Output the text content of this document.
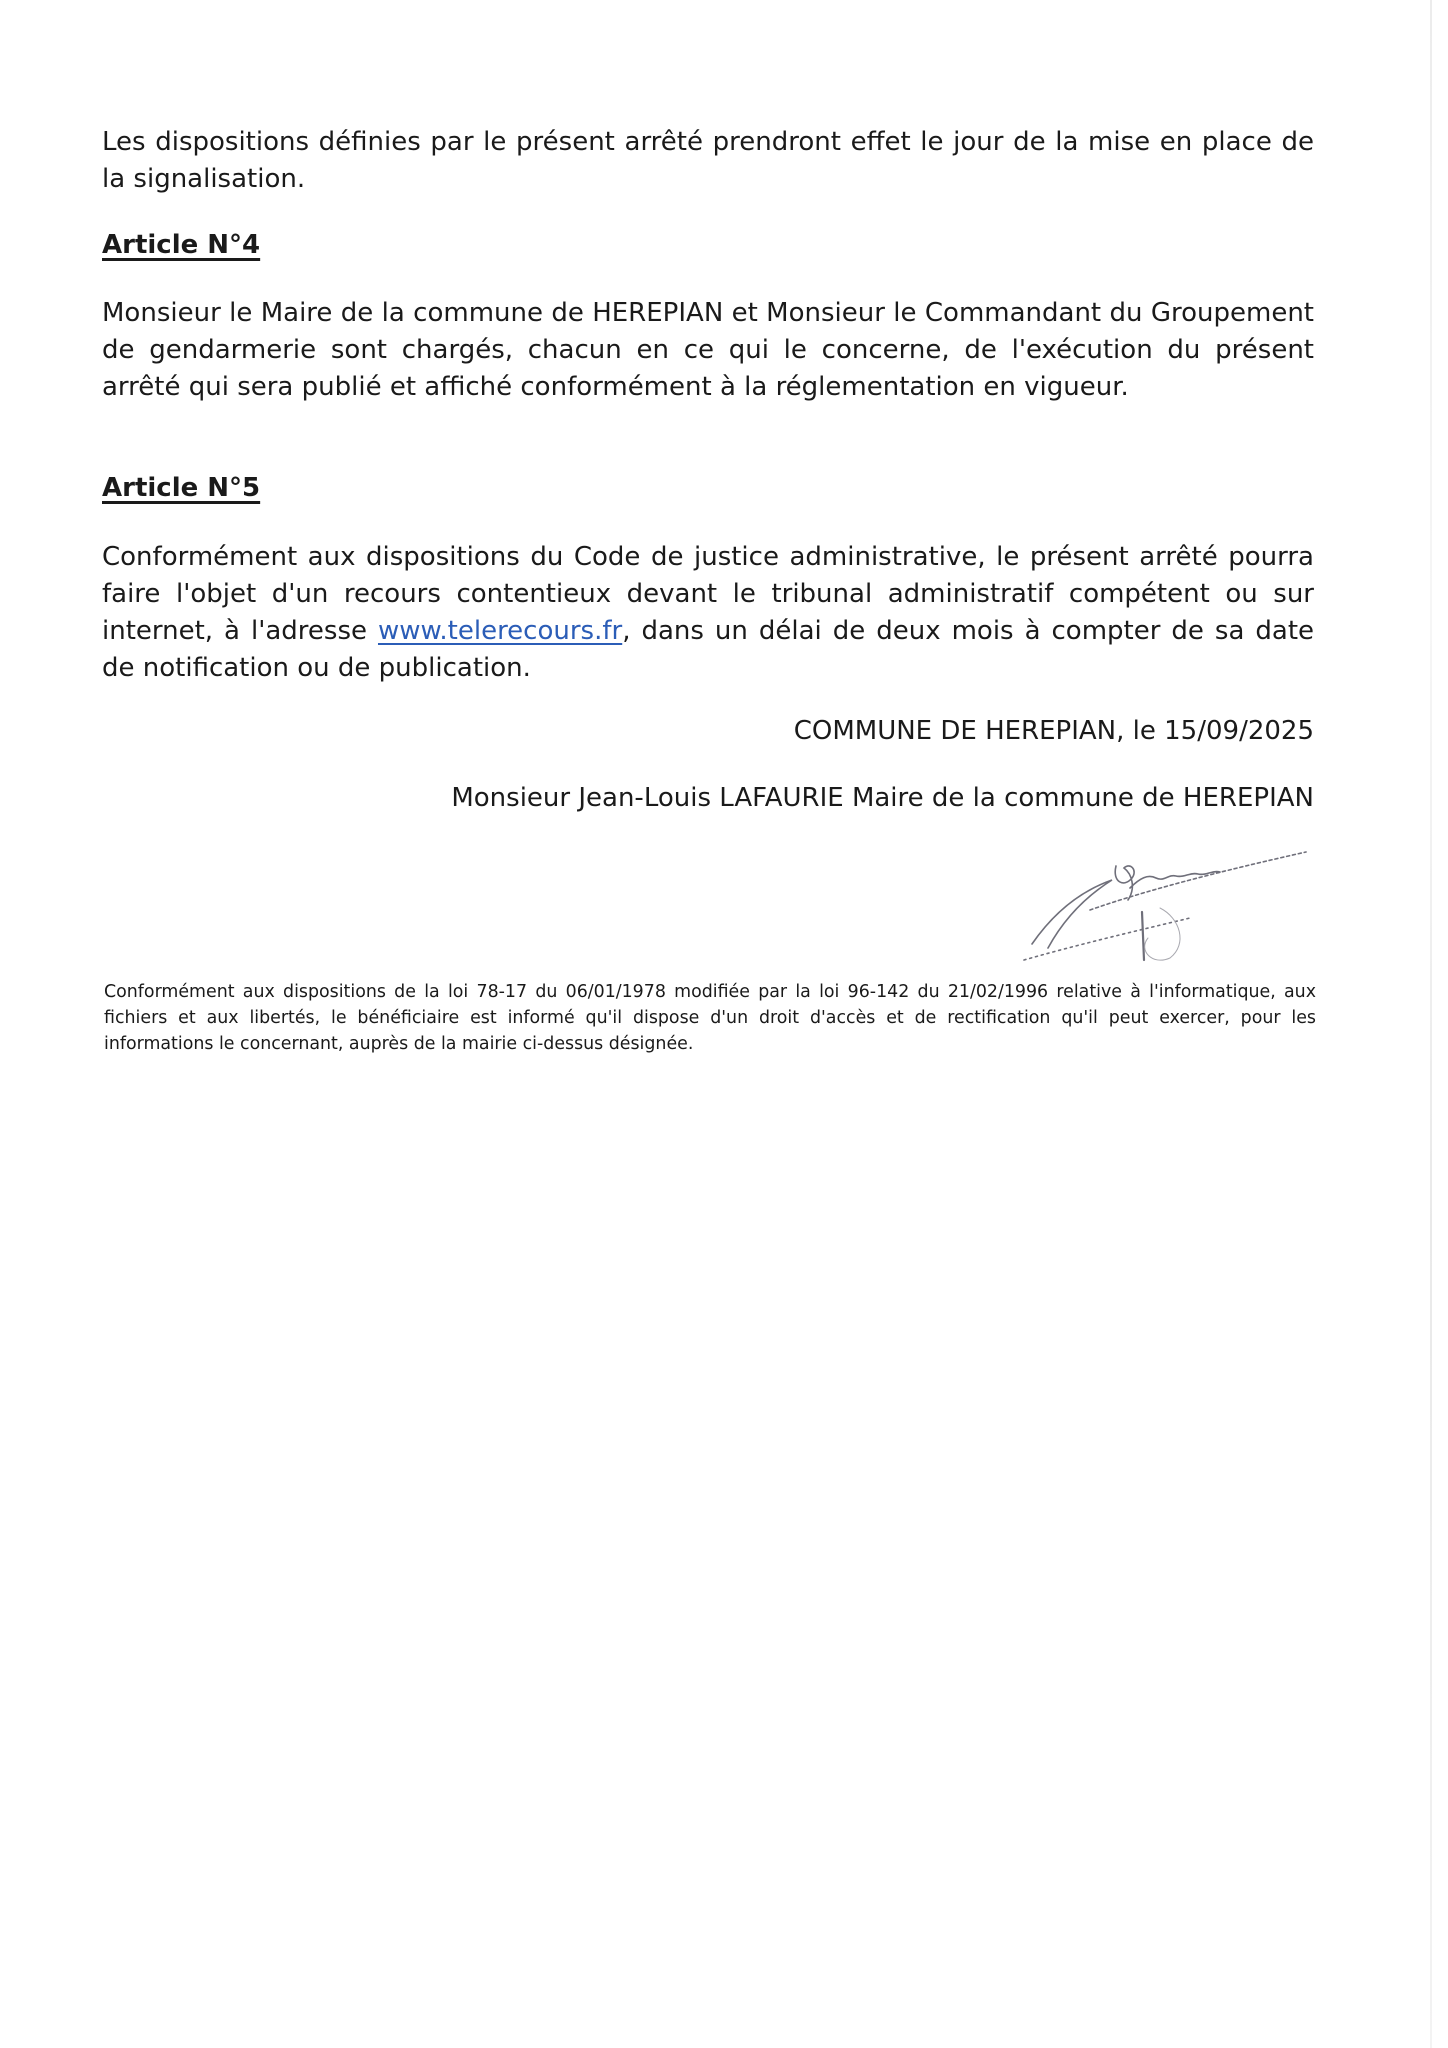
Les dispositions définies par le présent arrêté prendront effet le jour de la mise en place de la signalisation.

Article N°4

Monsieur le Maire de la commune de HEREPIAN et Monsieur le Commandant du Groupement de gendarmerie sont chargés, chacun en ce qui le concerne, de l'exécution du présent arrêté qui sera publié et affiché conformément à la réglementation en vigueur.

Article N°5

Conformément aux dispositions du Code de justice administrative, le présent arrêté pourra faire l'objet d'un recours contentieux devant le tribunal administratif compétent ou sur internet, à l'adresse www.telerecours.fr, dans un délai de deux mois à compter de sa date de notification ou de publication.

COMMUNE DE HEREPIAN, le 15/09/2025

Monsieur Jean-Louis LAFAURIE Maire de la commune de HEREPIAN

Conformément aux dispositions de la loi 78-17 du 06/01/1978 modifiée par la loi 96-142 du 21/02/1996 relative à l'informatique, aux fichiers et aux libertés, le bénéficiaire est informé qu'il dispose d'un droit d'accès et de rectification qu'il peut exercer, pour les informations le concernant, auprès de la mairie ci-dessus désignée.
